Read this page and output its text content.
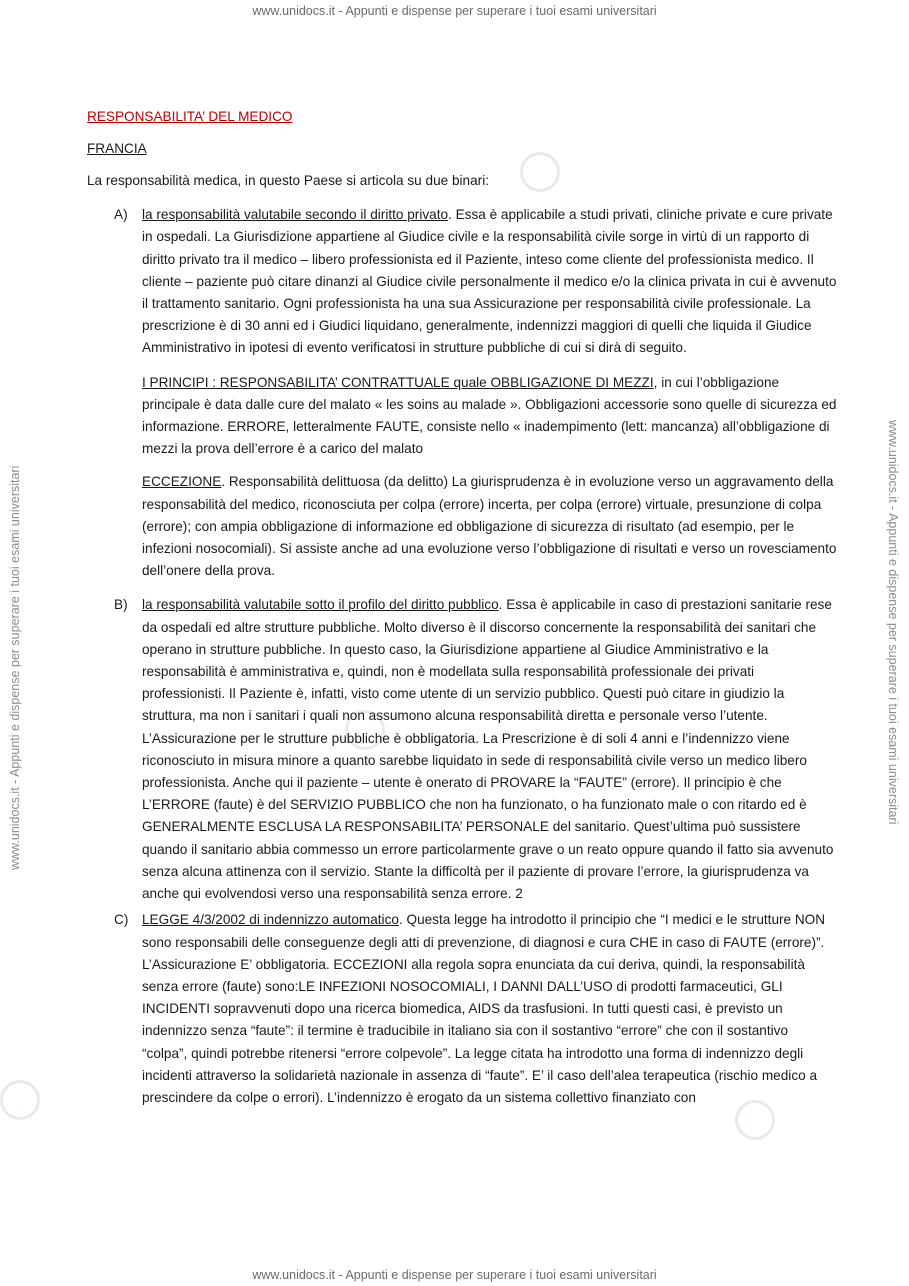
www.unidocs.it - Appunti e dispense per superare i tuoi esami universitari
www.unidocs.it - Appunti e dispense per superare i tuoi esami universitari	www.unidocs.it - Appunti e dispense per superare i tuoi esami universitari
RESPONSABILITA’ DEL MEDICO
FRANCIA

La responsabilità medica, in questo Paese si articola su due binari:

A)	la responsabilità valutabile secondo il diritto privato. Essa è applicabile a studi privati, cliniche private e cure private in ospedali. La Giurisdizione appartiene al Giudice civile e la responsabilità civile sorge in virtù di un rapporto di diritto privato tra il medico – libero professionista ed il Paziente, inteso come cliente del professionista medico. Il cliente – paziente può citare dinanzi al Giudice civile personalmente il medico e/o la clinica privata in cui è avvenuto il trattamento sanitario. Ogni professionista ha una sua Assicurazione per responsabilità civile professionale. La prescrizione è di 30 anni ed i Giudici liquidano, generalmente, indennizzi maggiori di quelli che liquida il Giudice Amministrativo in ipotesi di evento verificatosi in strutture pubbliche di cui si dirà di seguito.

I PRINCIPI : RESPONSABILITA’ CONTRATTUALE quale OBBLIGAZIONE DI MEZZI, in cui l’obbligazione principale è data dalle cure del malato « les soins au malade ». Obbligazioni accessorie sono quelle di sicurezza ed informazione. ERRORE, letteralmente FAUTE, consiste nello « inadempimento (lett: mancanza) all’obbligazione di mezzi la prova dell’errore è a carico del malato

ECCEZIONE. Responsabilità delittuosa (da delitto) La giurisprudenza è in evoluzione verso un aggravamento della responsabilità del medico, riconosciuta per colpa (errore) incerta, per colpa (errore) virtuale, presunzione di colpa (errore); con ampia obbligazione di informazione ed obbligazione di sicurezza di risultato (ad esempio, per le infezioni nosocomiali). Si assiste anche ad una evoluzione verso l’obbligazione di risultati e verso un rovesciamento dell’onere della prova.

B)	la responsabilità valutabile sotto il profilo del diritto pubblico. Essa è applicabile in caso di prestazioni sanitarie rese da ospedali ed altre strutture pubbliche. Molto diverso è il discorso concernente la responsabilità dei sanitari che operano in strutture pubbliche. In questo caso, la Giurisdizione appartiene al Giudice Amministrativo e la responsabilità è amministrativa e, quindi, non è modellata sulla responsabilità professionale dei privati professionisti. Il Paziente è, infatti, visto come utente di un servizio pubblico. Questi può citare in giudizio la struttura, ma non i sanitari i quali non assumono alcuna responsabilità diretta e personale verso l’utente. L’Assicurazione per le strutture pubbliche è obbligatoria. La Prescrizione è di soli 4 anni e l’indennizzo viene riconosciuto in misura minore a quanto sarebbe liquidato in sede di responsabilità civile verso un medico libero professionista. Anche qui il paziente – utente è onerato di PROVARE la “FAUTE” (errore). Il principio è che L’ERRORE (faute) è del SERVIZIO PUBBLICO che non ha funzionato, o ha funzionato male o con ritardo ed è GENERALMENTE ESCLUSA LA RESPONSABILITA’ PERSONALE del sanitario. Quest’ultima può sussistere quando il sanitario abbia commesso un errore particolarmente grave o un reato oppure quando il fatto sia avvenuto senza alcuna attinenza con il servizio. Stante la difficoltà per il paziente di provare l’errore, la giurisprudenza va anche qui evolvendosi verso una responsabilità senza errore. 2
C)	LEGGE 4/3/2002 di indennizzo automatico. Questa legge ha introdotto il principio che “I medici e le strutture NON sono responsabili delle conseguenze degli atti di prevenzione, di diagnosi e cura CHE in caso di FAUTE (errore)”. L’Assicurazione E’ obbligatoria. ECCEZIONI alla regola sopra enunciata da cui deriva, quindi, la responsabilità senza errore (faute) sono:LE INFEZIONI NOSOCOMIALI, I DANNI DALL’USO di prodotti farmaceutici, GLI INCIDENTI sopravvenuti dopo una ricerca biomedica, AIDS da trasfusioni. In tutti questi casi, è previsto un indennizzo senza “faute”: il termine è traducibile in italiano sia con il sostantivo “errore” che con il sostantivo “colpa”, quindi potrebbe ritenersi “errore colpevole”. La legge citata ha introdotto una forma di indennizzo degli incidenti attraverso la solidarietà nazionale in assenza di “faute”. E’ il caso dell’alea terapeutica (rischio medico a prescindere da colpe o errori). L’indennizzo è erogato da un sistema collettivo finanziato con
www.unidocs.it - Appunti e dispense per superare i tuoi esami universitari
